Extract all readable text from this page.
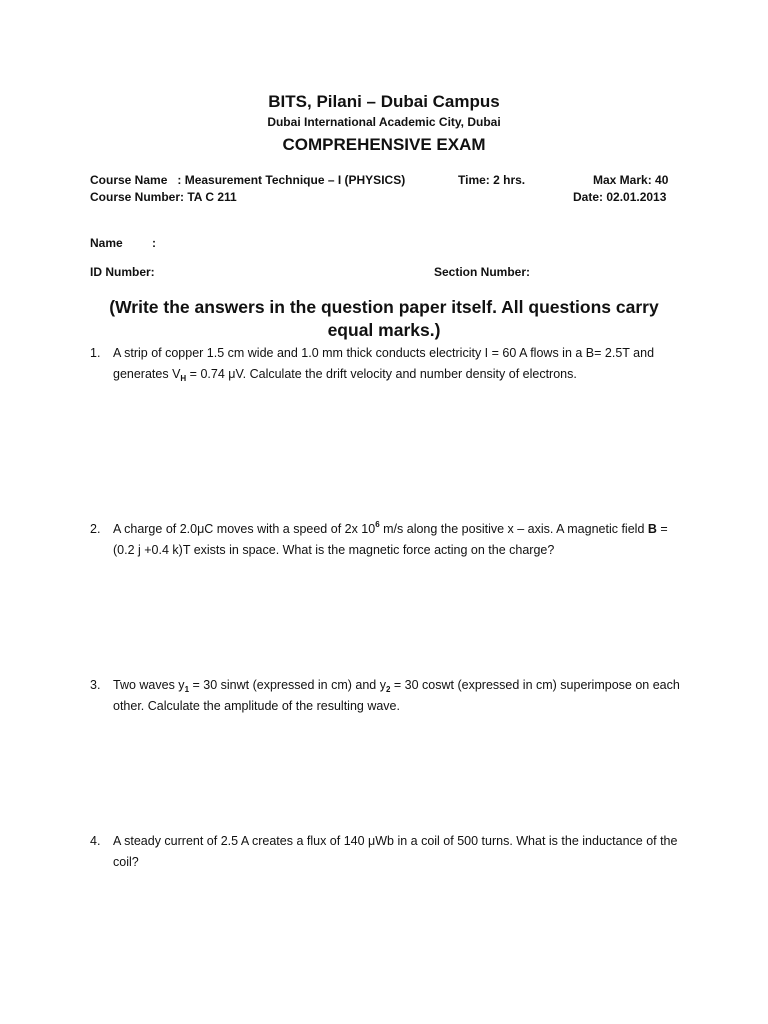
BITS, Pilani – Dubai Campus
Dubai International Academic City, Dubai
COMPREHENSIVE EXAM
Course Name   : Measurement Technique – I (PHYSICS)	Time: 2 hrs.	Max Mark: 40
Course Number: TA C 211	Date: 02.01.2013
Name :
ID Number:	Section Number:
(Write the answers in the question paper itself. All questions carry equal marks.)
1.	A strip of copper 1.5 cm wide and 1.0 mm thick conducts electricity I = 60 A flows in a B= 2.5T and generates $V_H = 0.74$ μV. Calculate the drift velocity and number density of electrons.
2.	A charge of 2.0μC moves with a speed of 2x $10^6$ m/s along the positive x – axis. A magnetic field B = (0.2 j +0.4 k)T exists in space. What is the magnetic force acting on the charge?
3.	Two waves $y_1 = 30$ sinwt (expressed in cm) and $y_2 = 30$ coswt (expressed in cm) superimpose on each other. Calculate the amplitude of the resulting wave.
4.	A steady current of 2.5 A creates a flux of 140 μWb in a coil of 500 turns. What is the inductance of the coil?
